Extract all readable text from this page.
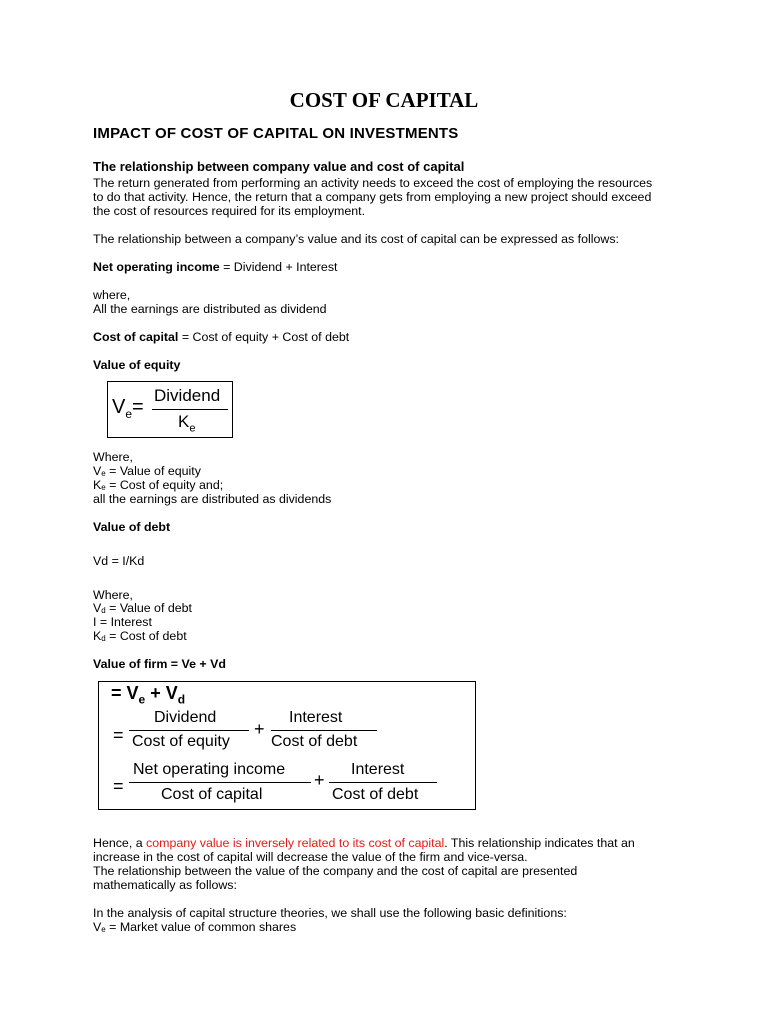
COST OF CAPITAL
IMPACT OF COST OF CAPITAL ON INVESTMENTS
The relationship between company value and cost of capital
The return generated from performing an activity needs to exceed the cost of employing the resources
to do that activity. Hence, the return that a company gets from employing a new project should exceed
the cost of resources required for its employment.
The relationship between a company’s value and its cost of capital can be expressed as follows:
Net operating income = Dividend + Interest
where,
All the earnings are distributed as dividend
Cost of capital = Cost of equity + Cost of debt
Value of equity
$V_e=$
Dividend
$K_e$
Where,
$V_e$ = Value of equity
$K_e$ = Cost of equity and;
all the earnings are distributed as dividends
Value of debt
Vd = I/Kd
Where,
$V_d$ = Value of debt
I = Interest
$K_d$ = Cost of debt
Value of firm = Ve + Vd
= $V_e + V_d$
=
Dividend
Cost of equity
+
Interest
Cost of debt
=
Net operating income
Cost of capital
+
Interest
Cost of debt
Hence, a company value is inversely related to its cost of capital. This relationship indicates that an
increase in the cost of capital will decrease the value of the firm and vice-versa.
The relationship between the value of the company and the cost of capital are presented
mathematically as follows:
In the analysis of capital structure theories, we shall use the following basic definitions:
$V_e$ = Market value of common shares
